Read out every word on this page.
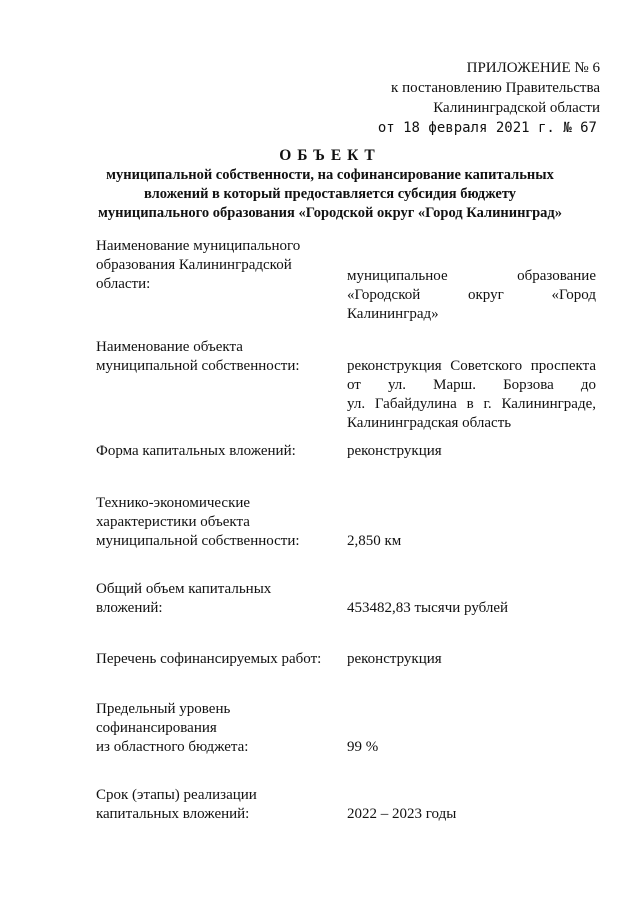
ПРИЛОЖЕНИЕ № 6
к постановлению Правительства
Калининградской области
от 18 февраля 2021 г. № 67
ОБЪЕКТ
муниципальной собственности, на софинансирование капитальных
вложений в который предоставляется субсидия бюджету
муниципального образования «Городской округ «Город Калининград»
Наименование муниципального
образования Калининградской
области:	муниципальное образование
«Городской округ «Город
Калининград»
Наименование объекта
муниципальной собственности:	реконструкция Советского проспекта
от ул. Марш. Борзова до
ул. Габайдулина в г. Калининграде,
Калининградская область
Форма капитальных вложений:	реконструкция
Технико-экономические
характеристики объекта
муниципальной собственности:	2,850 км
Общий объем капитальных
вложений:	453482,83 тысячи рублей
Перечень софинансируемых работ:	реконструкция
Предельный уровень
софинансирования
из областного бюджета:	99 %
Срок (этапы) реализации
капитальных вложений:	2022 – 2023 годы
